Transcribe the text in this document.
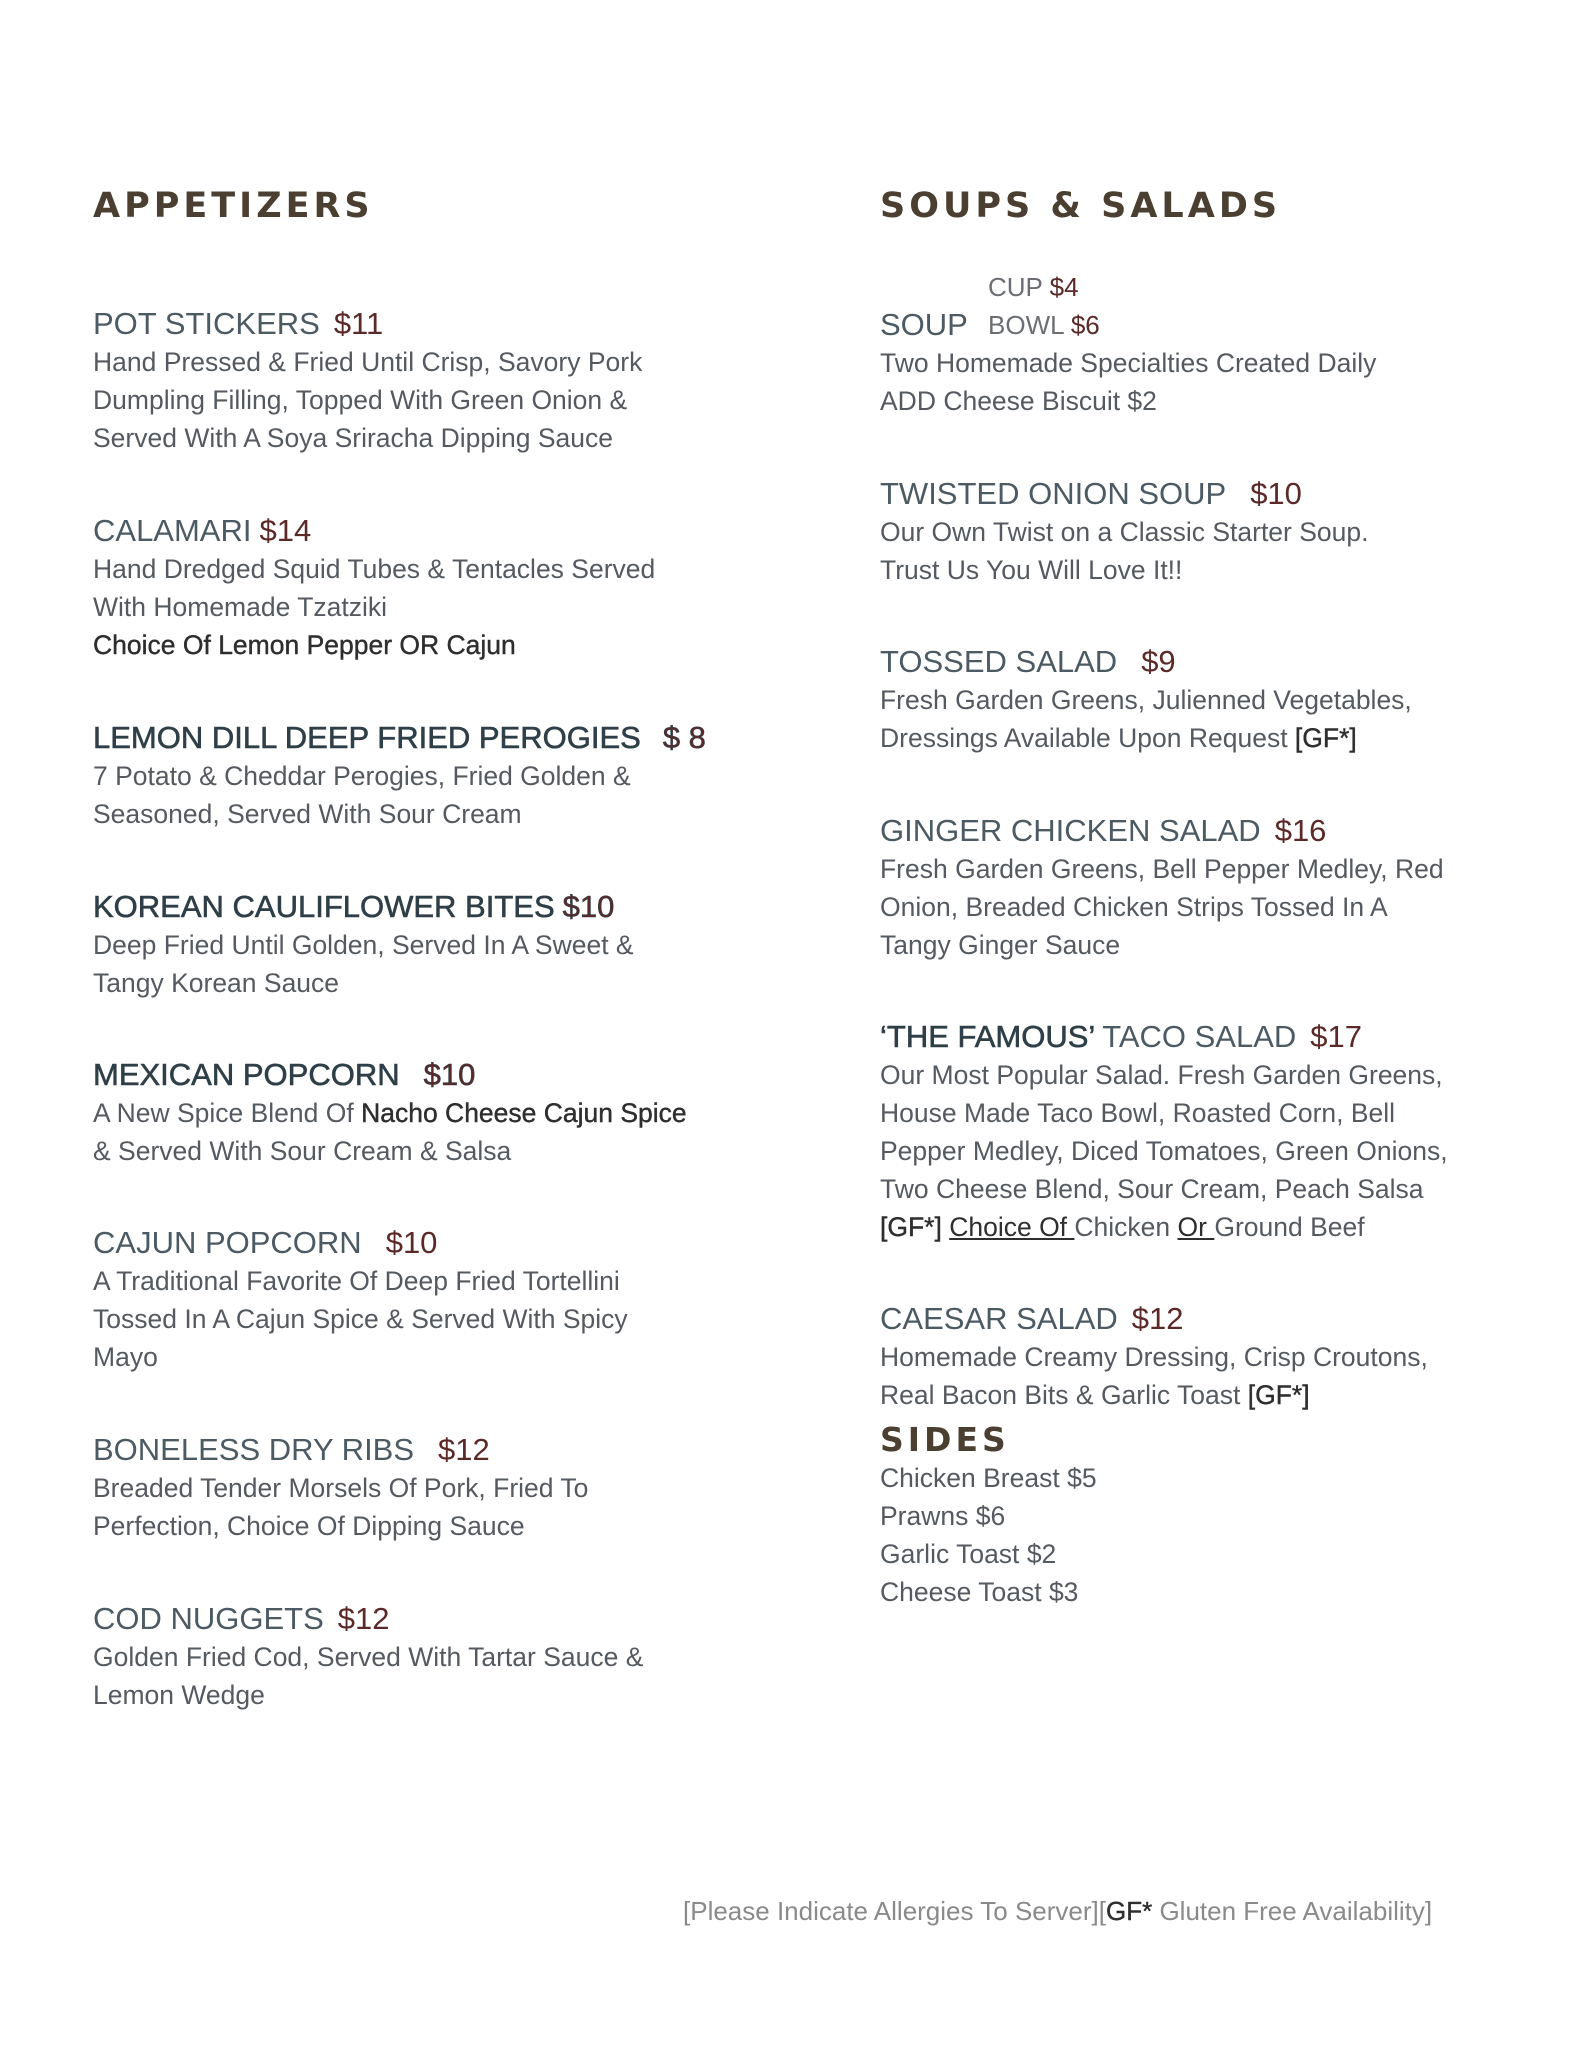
APPETIZERS
POT STICKERS $11
Hand Pressed & Fried Until Crisp, Savory Pork
Dumpling Filling, Topped With Green Onion &
Served With A Soya Sriracha Dipping Sauce
CALAMARI $14
Hand Dredged Squid Tubes & Tentacles Served
With Homemade Tzatziki
Choice Of Lemon Pepper OR Cajun
LEMON DILL DEEP FRIED PEROGIES $ 8
7 Potato & Cheddar Perogies, Fried Golden &
Seasoned, Served With Sour Cream
KOREAN CAULIFLOWER BITES $10
Deep Fried Until Golden, Served In A Sweet &
Tangy Korean Sauce
MEXICAN POPCORN $10
A New Spice Blend Of Nacho Cheese Cajun Spice
& Served With Sour Cream & Salsa
CAJUN POPCORN $10
A Traditional Favorite Of Deep Fried Tortellini
Tossed In A Cajun Spice & Served With Spicy
Mayo
BONELESS DRY RIBS $12
Breaded Tender Morsels Of Pork, Fried To
Perfection, Choice Of Dipping Sauce
COD NUGGETS $12
Golden Fried Cod, Served With Tartar Sauce &
Lemon Wedge
SOUPS & SALADS
CUP $4
BOWL $6
SOUP
Two Homemade Specialties Created Daily
ADD Cheese Biscuit $2
TWISTED ONION SOUP $10
Our Own Twist on a Classic Starter Soup.
Trust Us You Will Love It!!
TOSSED SALAD $9
Fresh Garden Greens, Julienned Vegetables,
Dressings Available Upon Request [GF*]
GINGER CHICKEN SALAD $16
Fresh Garden Greens, Bell Pepper Medley, Red
Onion, Breaded Chicken Strips Tossed In A
Tangy Ginger Sauce
‘THE FAMOUS’ TACO SALAD $17
Our Most Popular Salad. Fresh Garden Greens,
House Made Taco Bowl, Roasted Corn, Bell
Pepper Medley, Diced Tomatoes, Green Onions,
Two Cheese Blend, Sour Cream, Peach Salsa
[GF*] Choice Of Chicken Or Ground Beef
CAESAR SALAD $12
Homemade Creamy Dressing, Crisp Croutons,
Real Bacon Bits & Garlic Toast [GF*]
SIDES
Chicken Breast $5
Prawns $6
Garlic Toast $2
Cheese Toast $3
[Please Indicate Allergies To Server][GF* Gluten Free Availability]
